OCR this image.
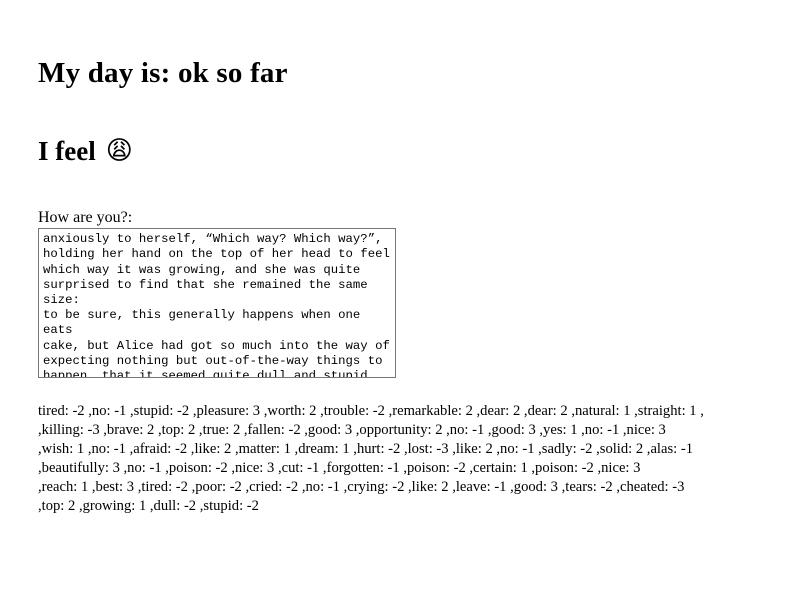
My day is: ok so far
I feel 😩
How are you?:
anxiously to herself, “Which way? Which way?”, holding her hand on the top of her head to feel which way it was growing, and she was quite surprised to find that she remained the same size: to be sure, this generally happens when one eats cake, but Alice had got so much into the way of expecting nothing but out-of-the-way things to happen, that it seemed quite dull and stupid for life to go on in the common way.\n\nSo she set to work, and very soon finished off the cake.
tired: -2 ,no: -1 ,stupid: -2 ,pleasure: 3 ,worth: 2 ,trouble: -2 ,remarkable: 2 ,dear: 2 ,dear: 2 ,natural: 1 ,straight: 1 ,
,killing: -3 ,brave: 2 ,top: 2 ,true: 2 ,fallen: -2 ,good: 3 ,opportunity: 2 ,no: -1 ,good: 3 ,yes: 1 ,no: -1 ,nice: 3
,wish: 1 ,no: -1 ,afraid: -2 ,like: 2 ,matter: 1 ,dream: 1 ,hurt: -2 ,lost: -3 ,like: 2 ,no: -1 ,sadly: -2 ,solid: 2 ,alas: -1
,beautifully: 3 ,no: -1 ,poison: -2 ,nice: 3 ,cut: -1 ,forgotten: -1 ,poison: -2 ,certain: 1 ,poison: -2 ,nice: 3
,reach: 1 ,best: 3 ,tired: -2 ,poor: -2 ,cried: -2 ,no: -1 ,crying: -2 ,like: 2 ,leave: -1 ,good: 3 ,tears: -2 ,cheated: -3
,top: 2 ,growing: 1 ,dull: -2 ,stupid: -2
